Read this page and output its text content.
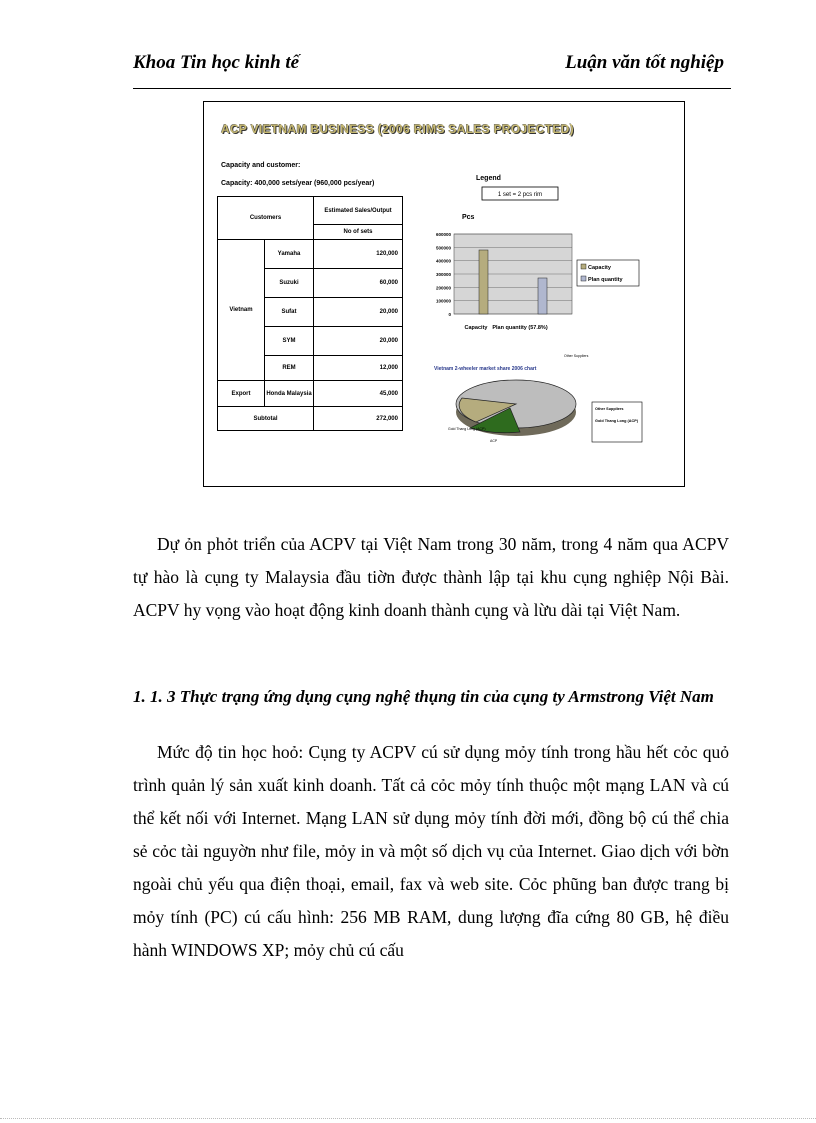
Khoa Tin học kinh tế	Luận văn tốt nghiệp
ACP VIETNAM BUSINESS (2006 RIMS SALES PROJECTED)
Capacity and customer:
Capacity: 400,000 sets/year (960,000 pcs/year)
Customers		Estimated Sales/Output
		No of sets
Vietnam	Yamaha	120,000
	Suzuki	60,000
	Sufat	20,000
	SYM	20,000
	REM	12,000
Export	Honda Malaysia	45,000
Subtotal		272,000
Legend
1 set = 2 pcs rim
Pcs
0
100000
200000
300000
400000
500000
600000
Capacity Plan quantity (57.8%)
Capacity
Plan quantity
Vietnam 2-wheeler market share 2006 chart
Other Suppliers
Gold Thang Long (ACP)
ACP
Other Suppliers
Gold Thang Long (ACP)
Dự ỏn phỏt triển của ACPV tại Việt Nam trong 30 năm, trong 4 năm qua ACPV tự hào là cụng ty Malaysia đầu tiờn được thành lập tại khu cụng nghiệp Nội Bài. ACPV hy vọng vào hoạt động kinh doanh thành cụng và lừu dài tại Việt Nam.
1. 1. 3 Thực trạng ứng dụng cụng nghệ thụng tin của cụng ty Armstrong Việt Nam
Mức độ tin học hoỏ: Cụng ty ACPV cú sử dụng mỏy tính trong hầu hết cỏc quỏ trình quản lý sản xuất kinh doanh. Tất cả cỏc mỏy tính thuộc một mạng LAN và cú thể kết nối với Internet. Mạng LAN sử dụng mỏy tính đời mới, đồng bộ cú thể chia sẻ cỏc tài nguyờn như file, mỏy in và một số dịch vụ của Internet. Giao dịch với bờn ngoài chủ yếu qua điện thoại, email, fax và web site. Cỏc phũng ban được trang bị mỏy tính (PC) cú cấu hình: 256 MB RAM, dung lượng đĩa cứng 80 GB, hệ điều hành WINDOWS XP; mỏy chủ cú cấu
